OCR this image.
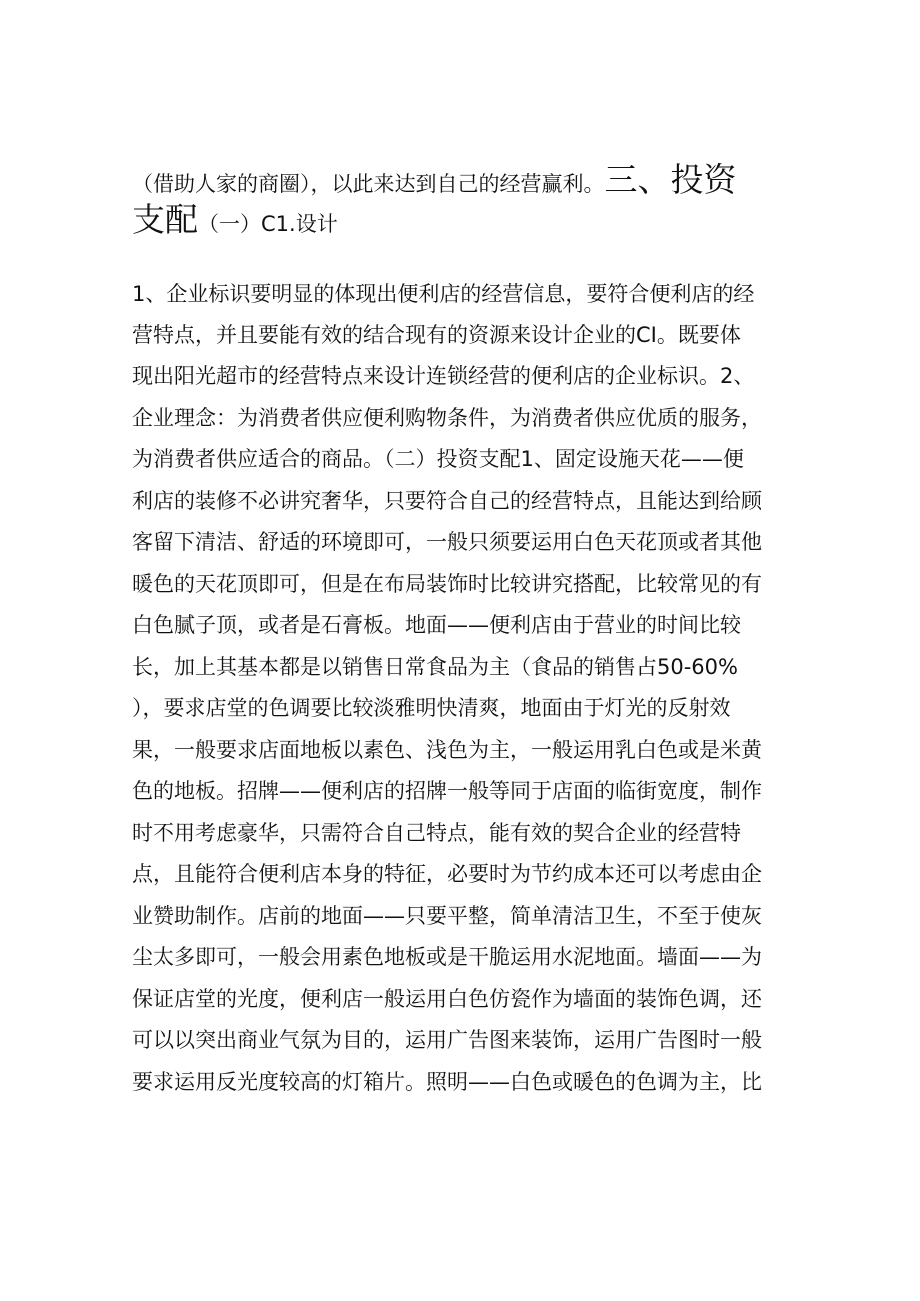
（借助人家的商圈），以此来达到自己的经营赢利。三、投资
支配（一）C1.设计
1、企业标识要明显的体现出便利店的经营信息，要符合便利店的经
营特点，并且要能有效的结合现有的资源来设计企业的CI。既要体
现出阳光超市的经营特点来设计连锁经营的便利店的企业标识。2、
企业理念：为消费者供应便利购物条件，为消费者供应优质的服务，
为消费者供应适合的商品。（二）投资支配1、固定设施天花——便
利店的装修不必讲究奢华，只要符合自己的经营特点，且能达到给顾
客留下清洁、舒适的环境即可，一般只须要运用白色天花顶或者其他
暖色的天花顶即可，但是在布局装饰时比较讲究搭配，比较常见的有
白色腻子顶，或者是石膏板。地面——便利店由于营业的时间比较
长，加上其基本都是以销售日常食品为主（食品的销售占50-60%
），要求店堂的色调要比较淡雅明快清爽，地面由于灯光的反射效
果，一般要求店面地板以素色、浅色为主，一般运用乳白色或是米黄
色的地板。招牌——便利店的招牌一般等同于店面的临街宽度，制作
时不用考虑豪华，只需符合自己特点，能有效的契合企业的经营特
点，且能符合便利店本身的特征，必要时为节约成本还可以考虑由企
业赞助制作。店前的地面——只要平整，简单清洁卫生，不至于使灰
尘太多即可，一般会用素色地板或是干脆运用水泥地面。墙面——为
保证店堂的光度，便利店一般运用白色仿瓷作为墙面的装饰色调，还
可以以突出商业气氛为目的，运用广告图来装饰，运用广告图时一般
要求运用反光度较高的灯箱片。照明——白色或暖色的色调为主，比
